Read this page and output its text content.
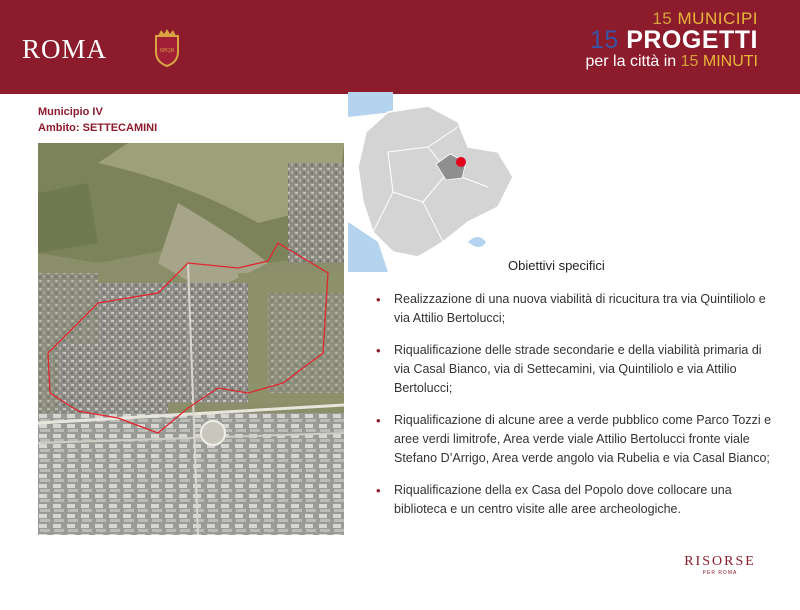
ROMA	SPQR
15 MUNICIPI
15 PROGETTI
per la città in 15 MINUTI
Municipio IV
Ambito: SETTECAMINI
Obiettivi specifici
• Realizzazione di una nuova viabilità di ricucitura tra via Quintiliolo e via Attilio Bertolucci;
• Riqualificazione delle strade secondarie e della viabilità primaria di via Casal Bianco, via di Settecamini, via Quintiliolo e via Attilio Bertolucci;
• Riqualificazione di alcune aree a verde pubblico come Parco Tozzi e aree verdi limitrofe, Area verde viale Attilio Bertolucci fronte viale Stefano D’Arrigo, Area verde angolo via Rubelia e via Casal Bianco;
• Riqualificazione della ex Casa del Popolo dove collocare una biblioteca e un centro visite alle aree archeologiche.
RISORSE
PER ROMA
